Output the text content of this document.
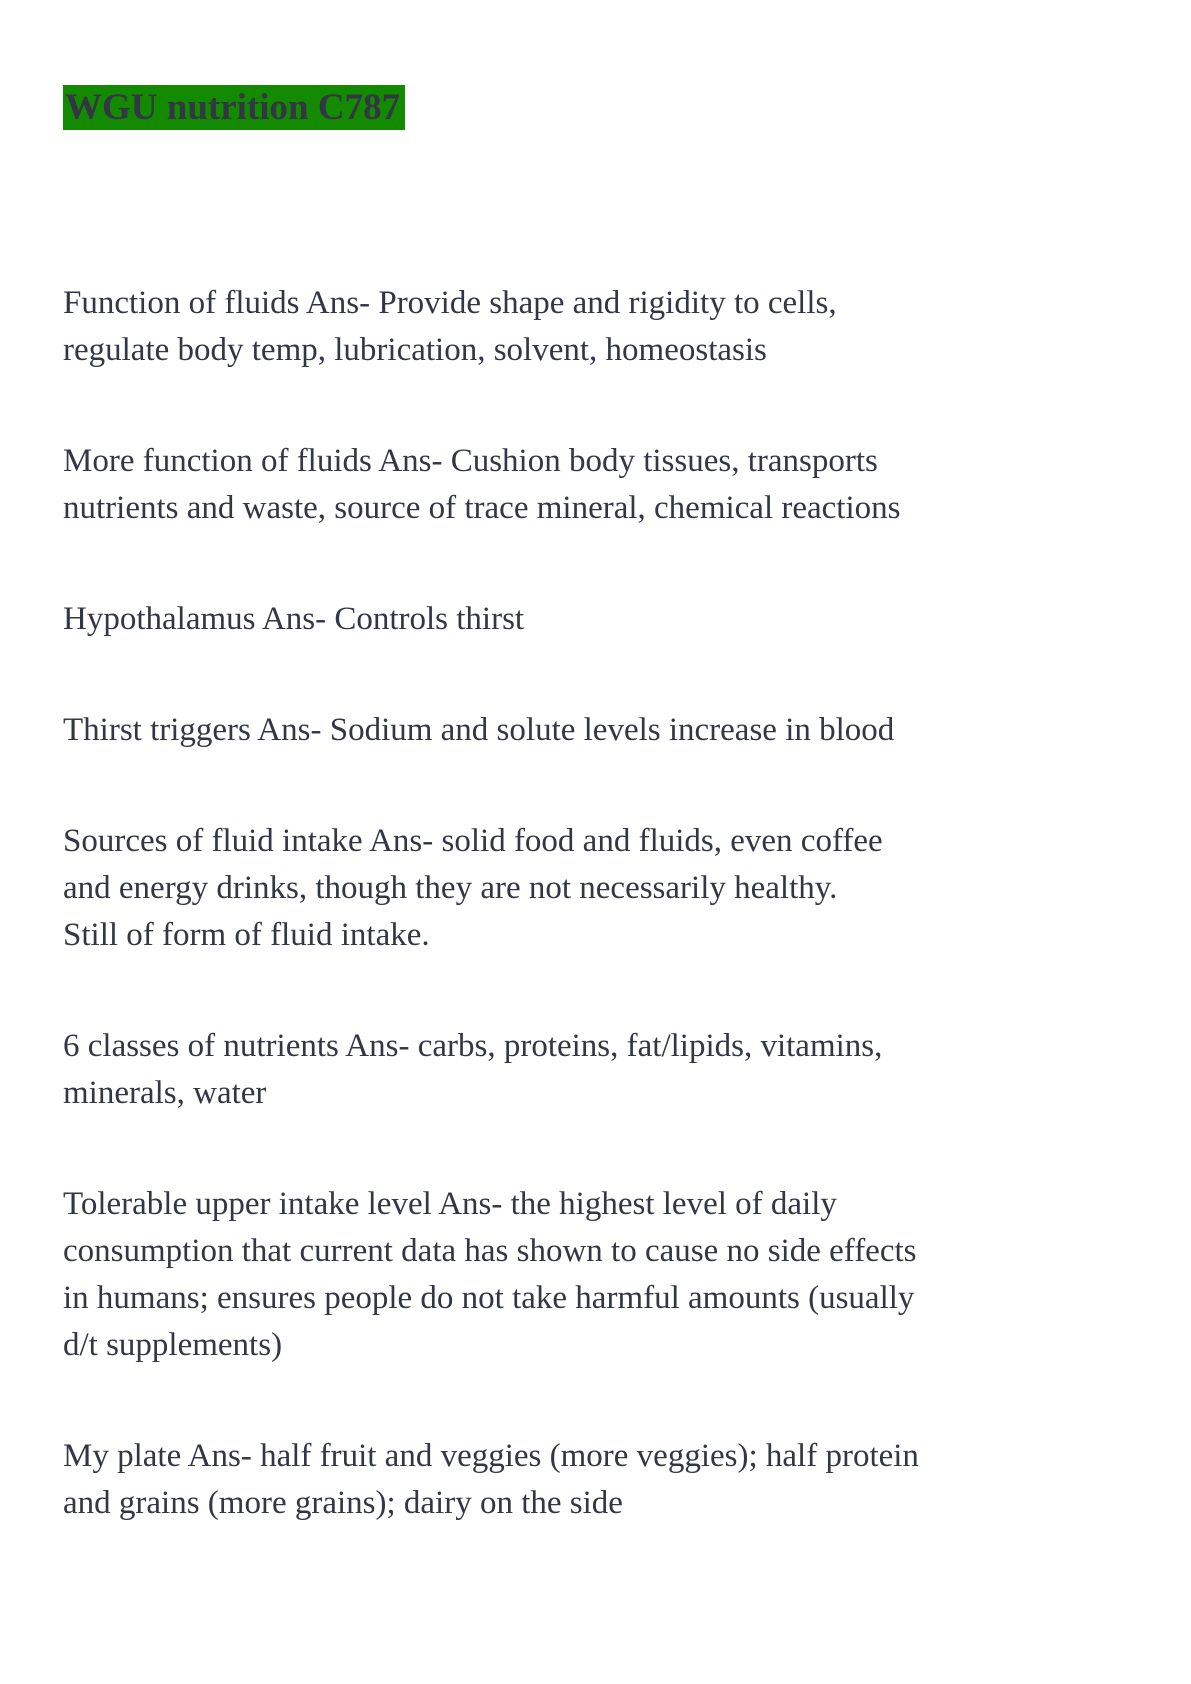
WGU nutrition C787
Function of fluids Ans- Provide shape and rigidity to cells,
regulate body temp, lubrication, solvent, homeostasis
More function of fluids Ans- Cushion body tissues, transports
nutrients and waste, source of trace mineral, chemical reactions
Hypothalamus Ans- Controls thirst
Thirst triggers Ans- Sodium and solute levels increase in blood
Sources of fluid intake Ans- solid food and fluids, even coffee
and energy drinks, though they are not necessarily healthy.
Still of form of fluid intake.
6 classes of nutrients Ans- carbs, proteins, fat/lipids, vitamins,
minerals, water
Tolerable upper intake level Ans- the highest level of daily
consumption that current data has shown to cause no side effects
in humans; ensures people do not take harmful amounts (usually
d/t supplements)
My plate Ans- half fruit and veggies (more veggies); half protein
and grains (more grains); dairy on the side
